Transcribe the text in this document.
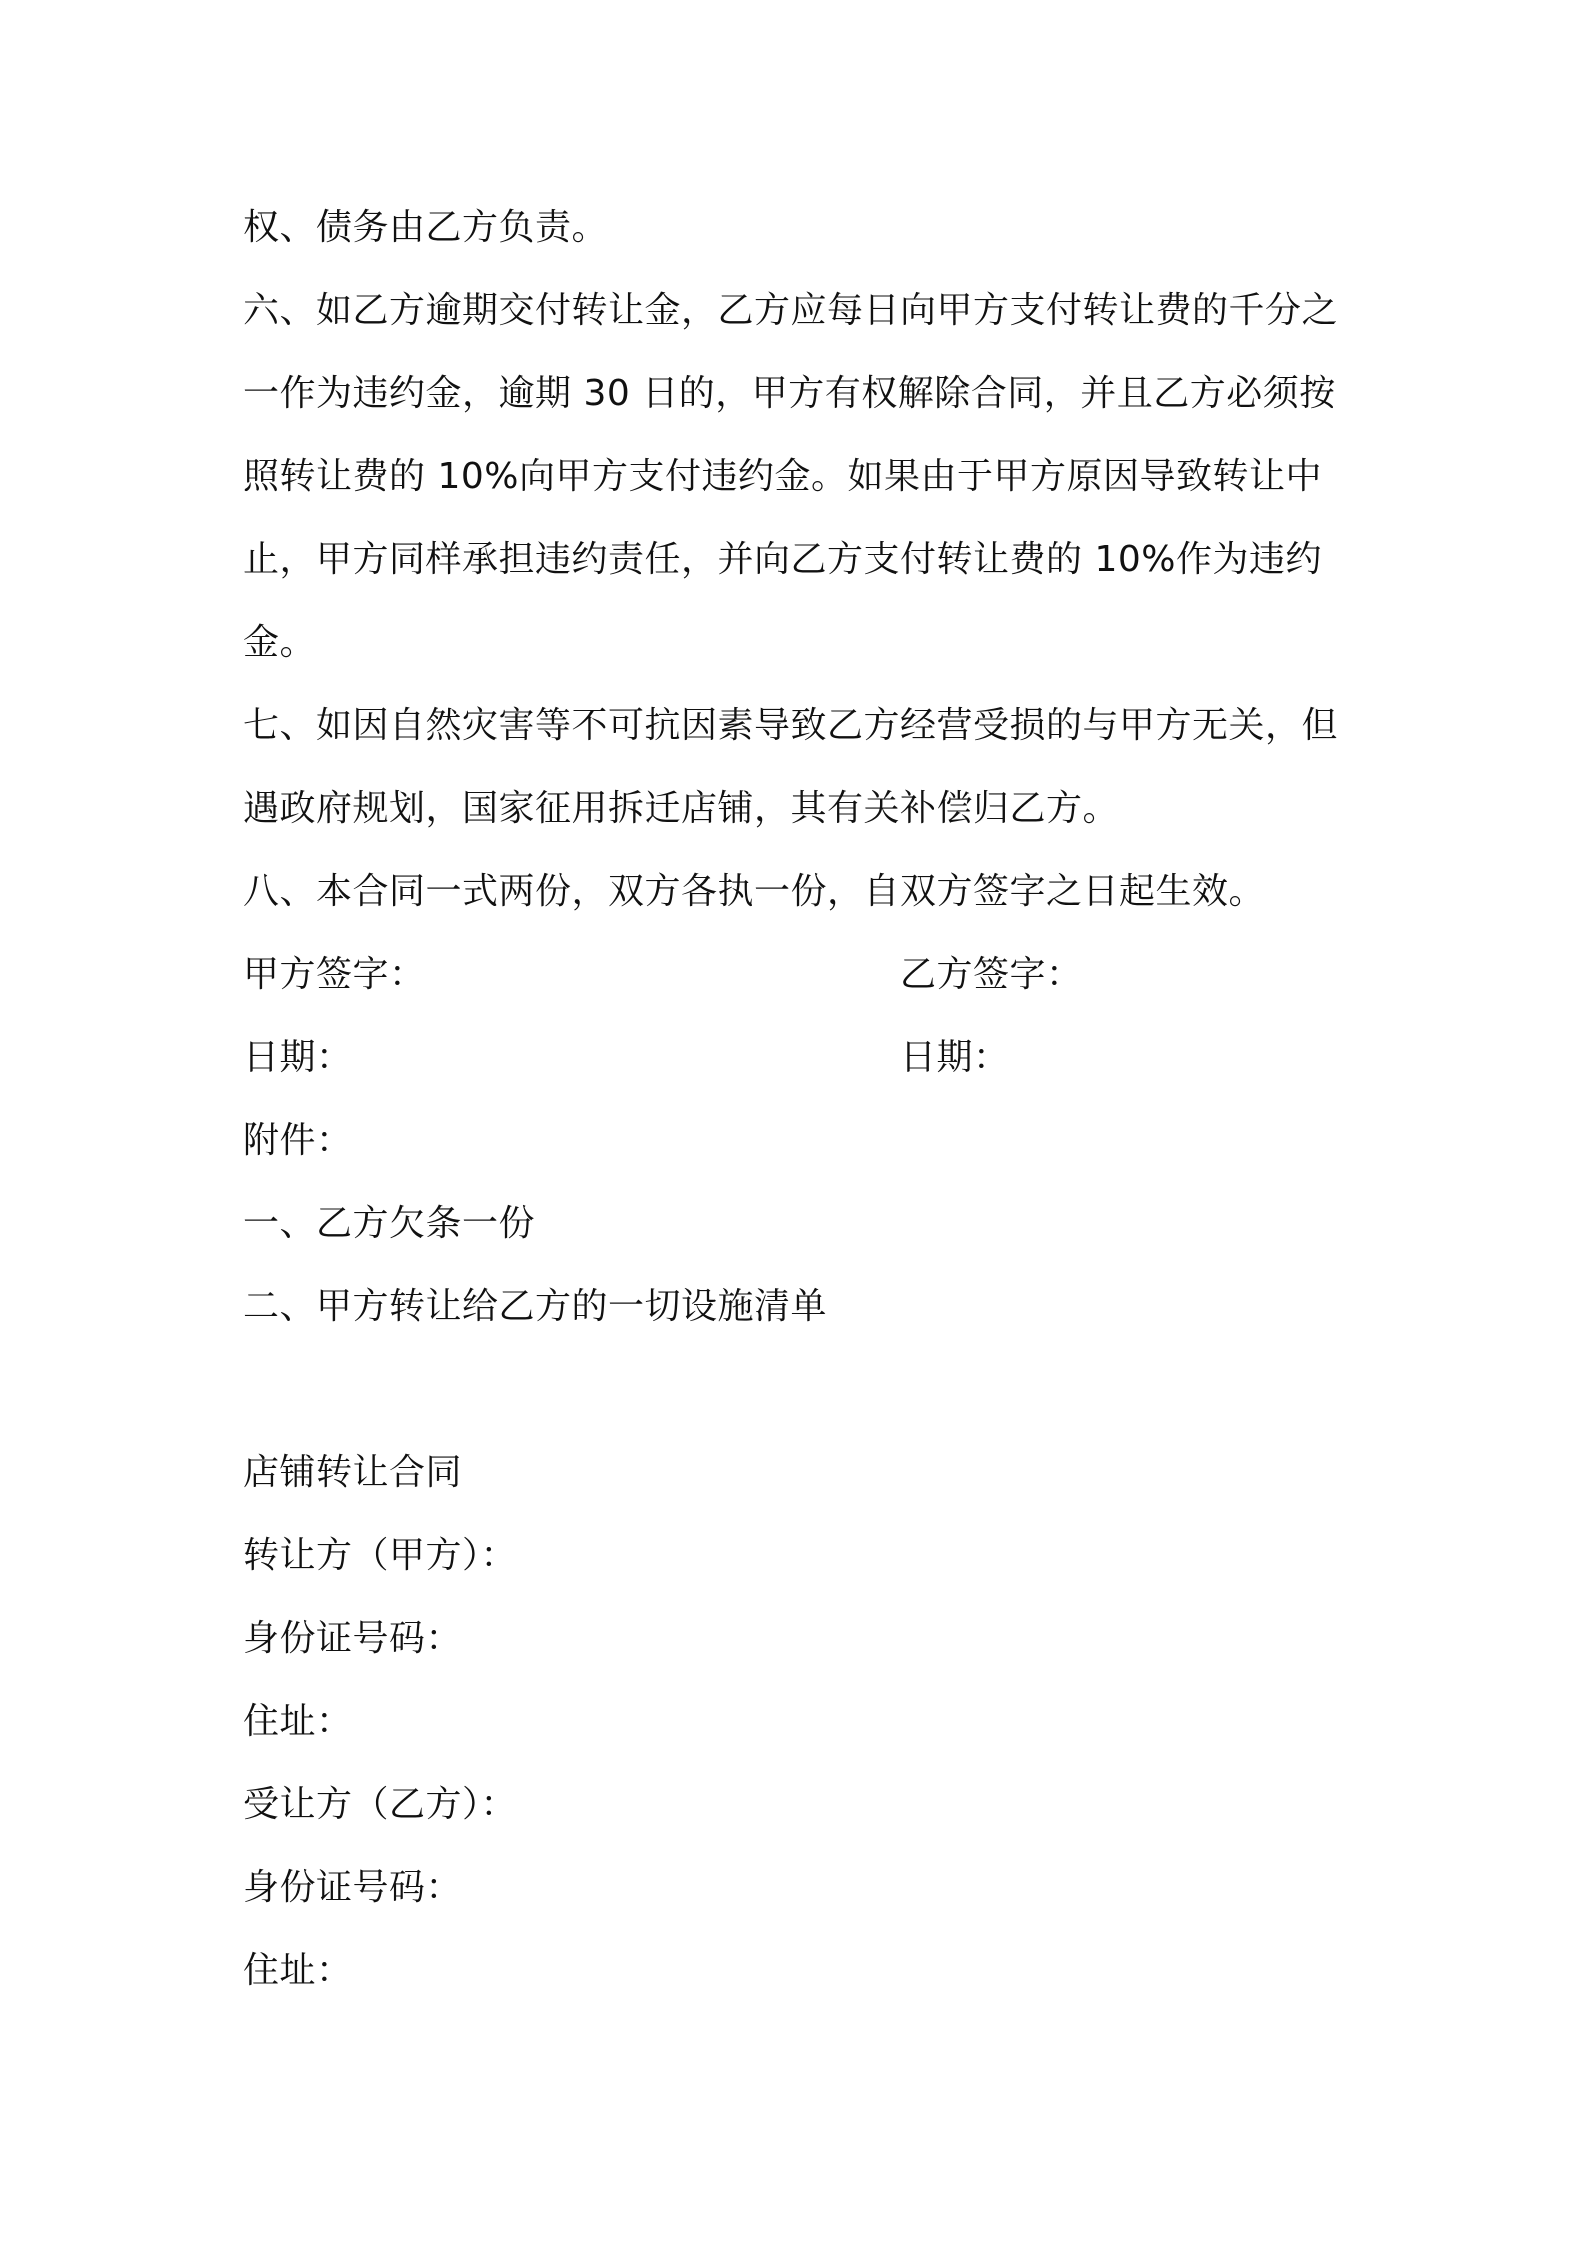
权、债务由乙方负责。
六、如乙方逾期交付转让金，乙方应每日向甲方支付转让费的千分之
一作为违约金，逾期 30 日的，甲方有权解除合同，并且乙方必须按
照转让费的 10%向甲方支付违约金。如果由于甲方原因导致转让中
止，甲方同样承担违约责任，并向乙方支付转让费的 10%作为违约
金。
七、如因自然灾害等不可抗因素导致乙方经营受损的与甲方无关，但
遇政府规划，国家征用拆迁店铺，其有关补偿归乙方。
八、本合同一式两份，双方各执一份，自双方签字之日起生效。
甲方签字：	乙方签字：
日期：	日期：
附件：
一、乙方欠条一份
二、甲方转让给乙方的一切设施清单
店铺转让合同
转让方（甲方）：
身份证号码：
住址：
受让方（乙方）：
身份证号码：
住址：
